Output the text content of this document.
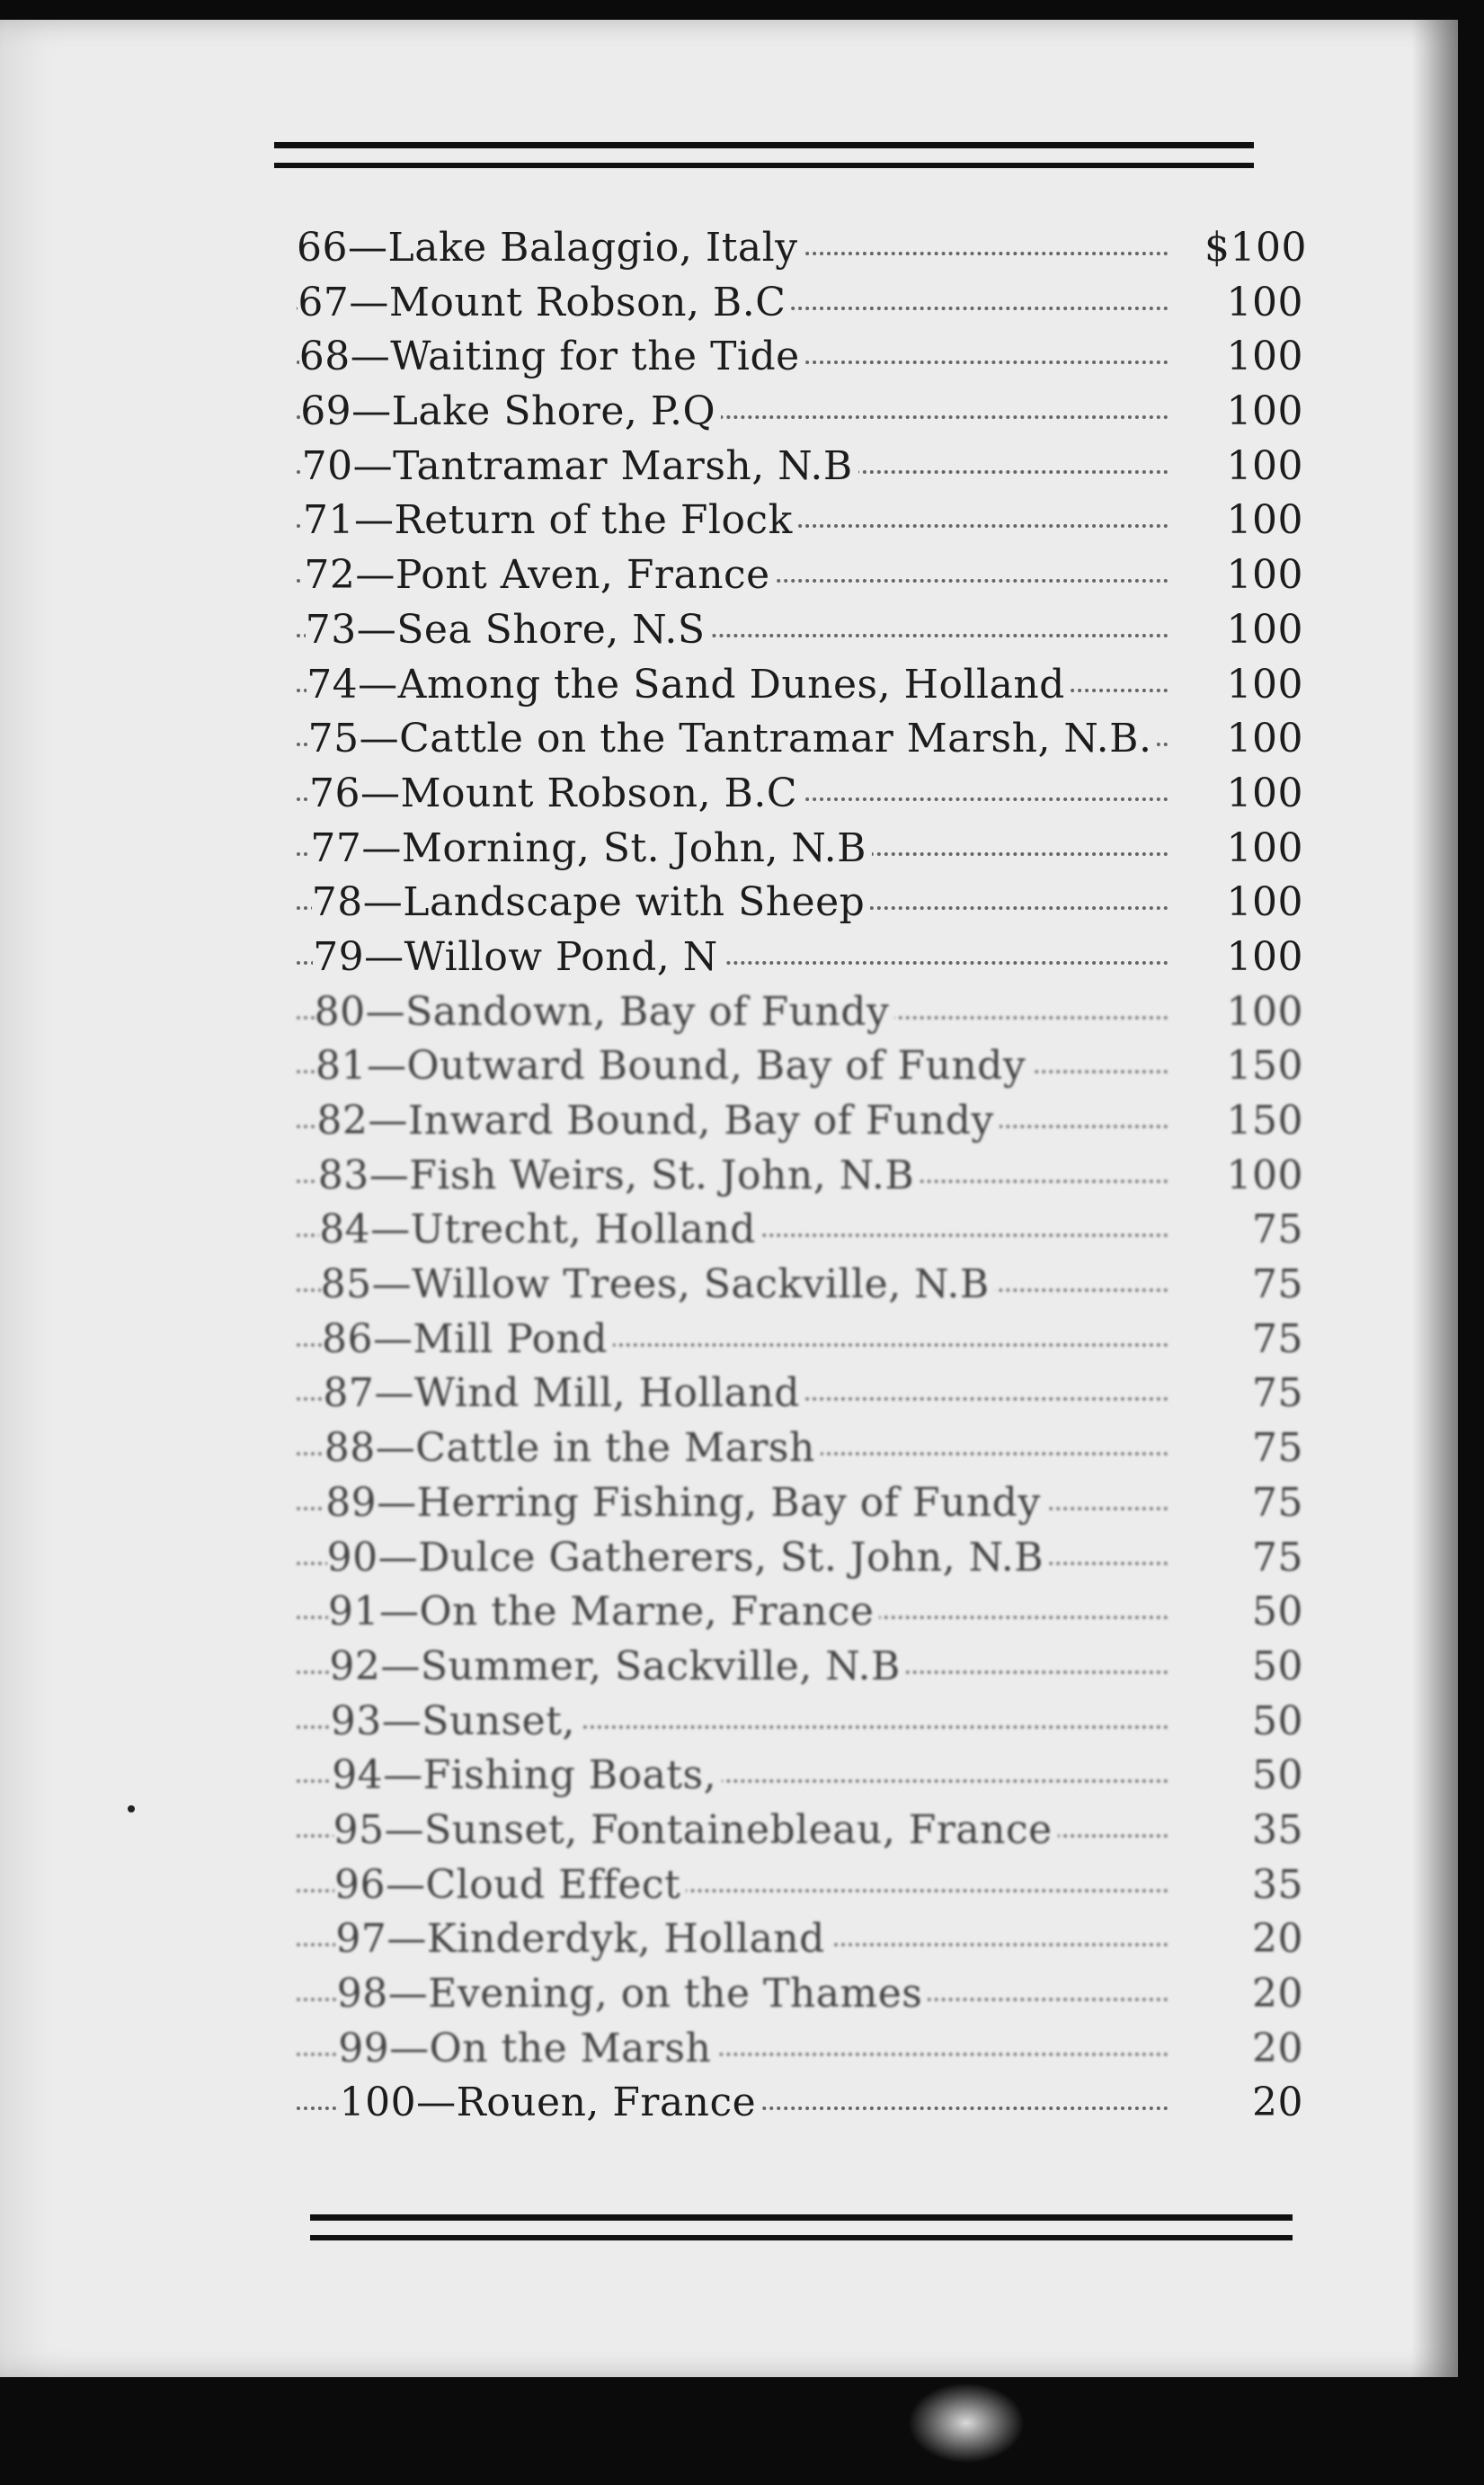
66—Lake Balaggio, Italy	$100
67—Mount Robson, B.C	100
68—Waiting for the Tide	100
69—Lake Shore, P.Q	100
70—Tantramar Marsh, N.B	100
71—Return of the Flock	100
72—Pont Aven, France	100
73—Sea Shore, N.S	100
74—Among the Sand Dunes, Holland	100
75—Cattle on the Tantramar Marsh, N.B.	100
76—Mount Robson, B.C	100
77—Morning, St. John, N.B	100
78—Landscape with Sheep	100
79—Willow Pond, N	100
80—Sandown, Bay of Fundy	100
81—Outward Bound, Bay of Fundy	150
82—Inward Bound, Bay of Fundy	150
83—Fish Weirs, St. John, N.B	100
84—Utrecht, Holland	75
85—Willow Trees, Sackville, N.B	75
86—Mill Pond	75
87—Wind Mill, Holland	75
88—Cattle in the Marsh	75
89—Herring Fishing, Bay of Fundy	75
90—Dulce Gatherers, St. John, N.B	75
91—On the Marne, France	50
92—Summer, Sackville, N.B	50
93—Sunset,	50
94—Fishing Boats,	50
95—Sunset, Fontainebleau, France	35
96—Cloud Effect	35
97—Kinderdyk, Holland	20
98—Evening, on the Thames	20
99—On the Marsh	20
100—Rouen, France	20
